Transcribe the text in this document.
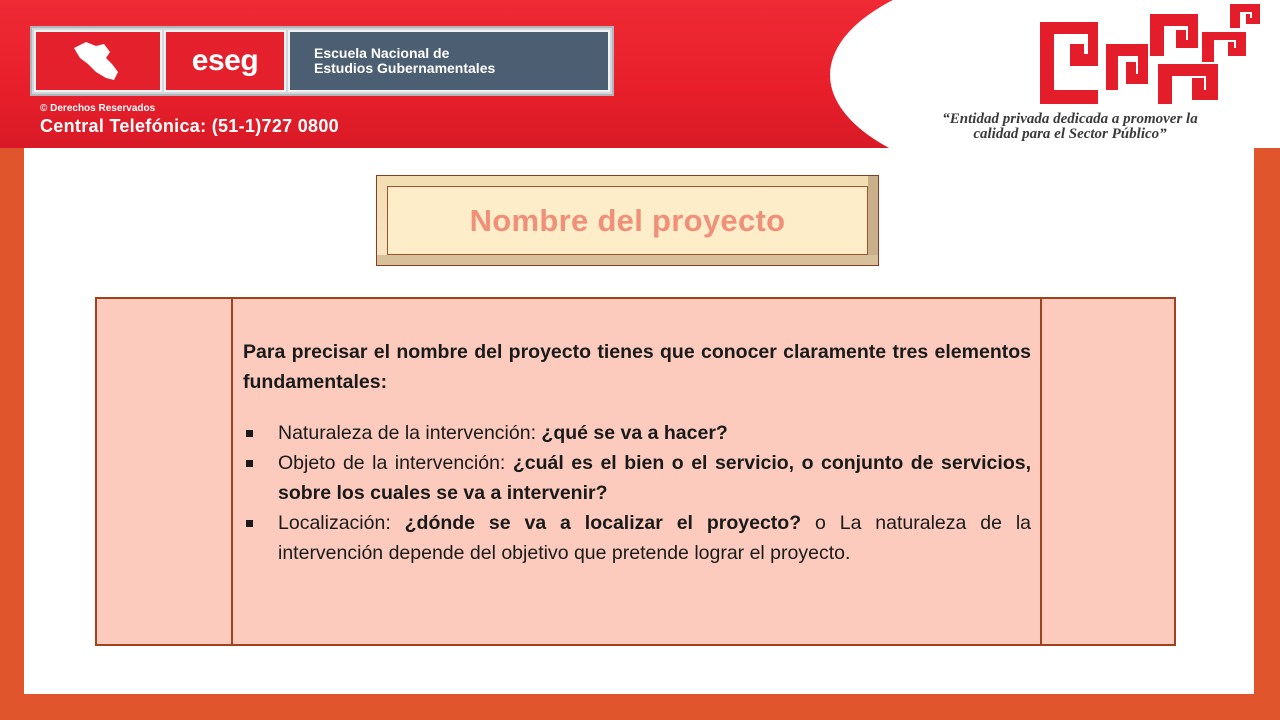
eseg	Escuela Nacional de
Estudios Gubernamentales
© Derechos Reservados
Central Telefónica: (51-1)727 0800	“Entidad privada dedicada a promover la
calidad para el Sector Público”
Nombre del proyecto

Para precisar el nombre del proyecto tienes que conocer claramente tres elementos fundamentales:

Naturaleza de la intervención: ¿qué se va a hacer?
Objeto de la intervención: ¿cuál es el bien o el servicio, o conjunto de servicios, sobre los cuales se va a intervenir?
Localización: ¿dónde se va a localizar el proyecto? o La naturaleza de la intervención depende del objetivo que pretende lograr el proyecto.
